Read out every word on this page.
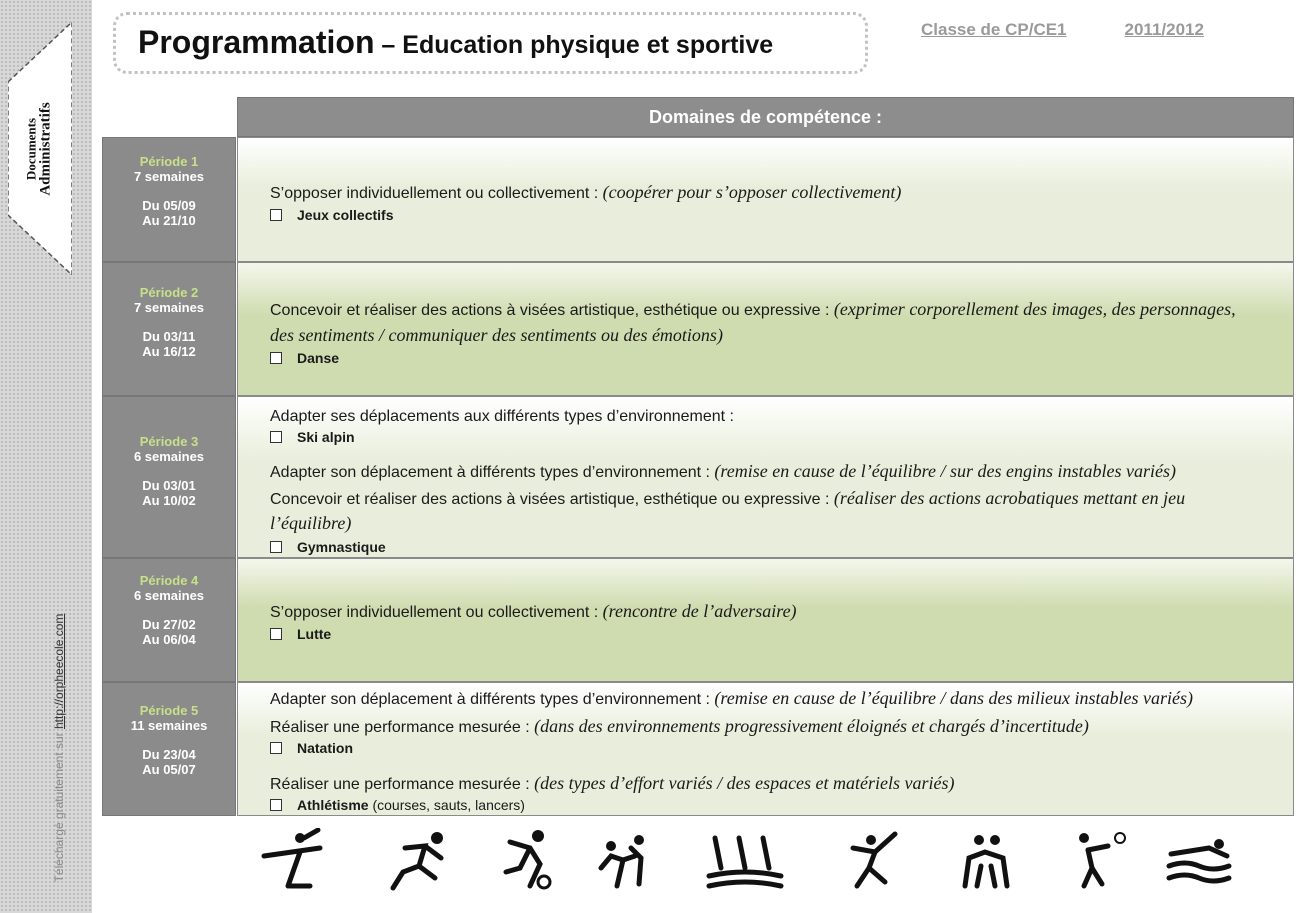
Documents Administratifs
Téléchargé gratuitement sur http://orpheecole.com
Programmation – Education physique et sportive
Classe de CP/CE1	2011/2012
Domaines de compétence :
Période 1
7 semaines
Du 05/09
Au 21/10
S’opposer individuellement ou collectivement : (coopérer pour s’opposer collectivement)
Jeux collectifs
Période 2
7 semaines
Du 03/11
Au 16/12
Concevoir et réaliser des actions à visées artistique, esthétique ou expressive : (exprimer corporellement des images, des personnages,
des sentiments / communiquer des sentiments ou des émotions)
Danse
Période 3
6 semaines
Du 03/01
Au 10/02
Adapter ses déplacements aux différents types d’environnement :
Ski alpin
Adapter son déplacement à différents types d’environnement : (remise en cause de l’équilibre / sur des engins instables variés)
Concevoir et réaliser des actions à visées artistique, esthétique ou expressive : (réaliser des actions acrobatiques mettant en jeu
l’équilibre)
Gymnastique
Période 4
6 semaines
Du 27/02
Au 06/04
S’opposer individuellement ou collectivement : (rencontre de l’adversaire)
Lutte
Période 5
11 semaines
Du 23/04
Au 05/07
Adapter son déplacement à différents types d’environnement : (remise en cause de l’équilibre / dans des milieux instables variés)
Réaliser une performance mesurée : (dans des environnements progressivement éloignés et chargés d’incertitude)
Natation
Réaliser une performance mesurée : (des types d’effort variés / des espaces et matériels variés)
Athlétisme (courses, sauts, lancers)
